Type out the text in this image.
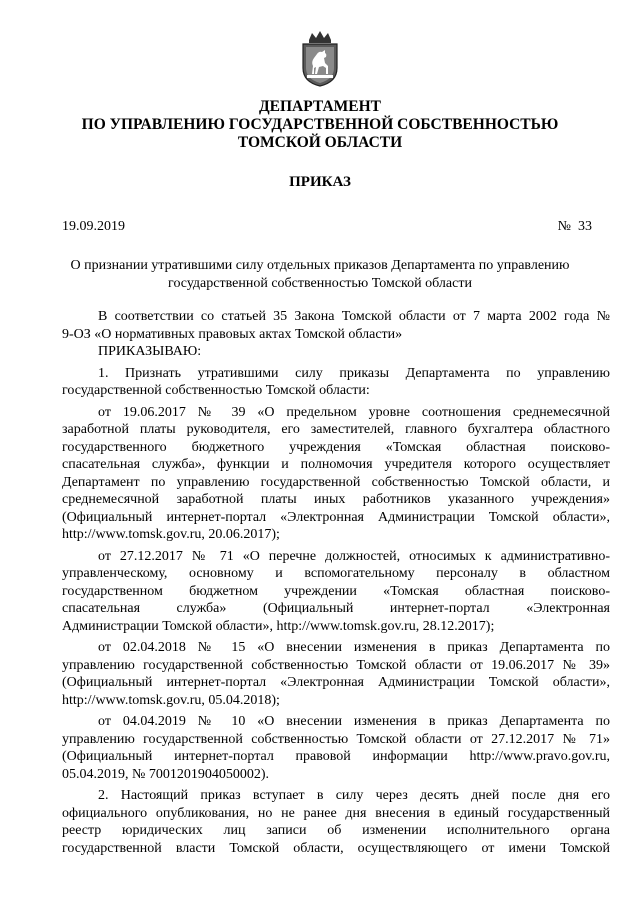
ДЕПАРТАМЕНТ
ПО УПРАВЛЕНИЮ ГОСУДАРСТВЕННОЙ СОБСТВЕННОСТЬЮ
ТОМСКОЙ ОБЛАСТИ
ПРИКАЗ
19.09.2019	№  33
О признании утратившими силу отдельных приказов Департамента по управлению
государственной собственностью Томской области
В соответствии со статьей 35 Закона Томской области от 7 марта 2002 года №
9-ОЗ «О нормативных правовых актах Томской области»
ПРИКАЗЫВАЮ:
1. Признать утратившими силу приказы Департамента по управлению
государственной собственностью Томской области:
от 19.06.2017 № 39 «О предельном уровне соотношения среднемесячной
заработной платы руководителя, его заместителей, главного бухгалтера областного
государственного бюджетного учреждения «Томская областная поисково-
спасательная служба», функции и полномочия учредителя которого осуществляет
Департамент по управлению государственной собственностью Томской области, и
среднемесячной заработной платы иных работников указанного учреждения»
(Официальный интернет-портал «Электронная Администрации Томской области»,
http://www.tomsk.gov.ru, 20.06.2017);
от 27.12.2017 № 71 «О перечне должностей, относимых к административно-
управленческому, основному и вспомогательному персоналу в областном
государственном бюджетном учреждении «Томская областная поисково-
спасательная служба» (Официальный интернет-портал «Электронная
Администрации Томской области», http://www.tomsk.gov.ru, 28.12.2017);
от 02.04.2018 № 15 «О внесении изменения в приказ Департамента по
управлению государственной собственностью Томской области от 19.06.2017 № 39»
(Официальный интернет-портал «Электронная Администрации Томской области»,
http://www.tomsk.gov.ru, 05.04.2018);
от 04.04.2019 № 10 «О внесении изменения в приказ Департамента по
управлению государственной собственностью Томской области от 27.12.2017 № 71»
(Официальный интернет-портал правовой информации http://www.pravo.gov.ru,
05.04.2019, № 7001201904050002).
2. Настоящий приказ вступает в силу через десять дней после дня его
официального опубликования, но не ранее дня внесения в единый государственный
реестр юридических лиц записи об изменении исполнительного органа
государственной власти Томской области, осуществляющего от имени Томской
